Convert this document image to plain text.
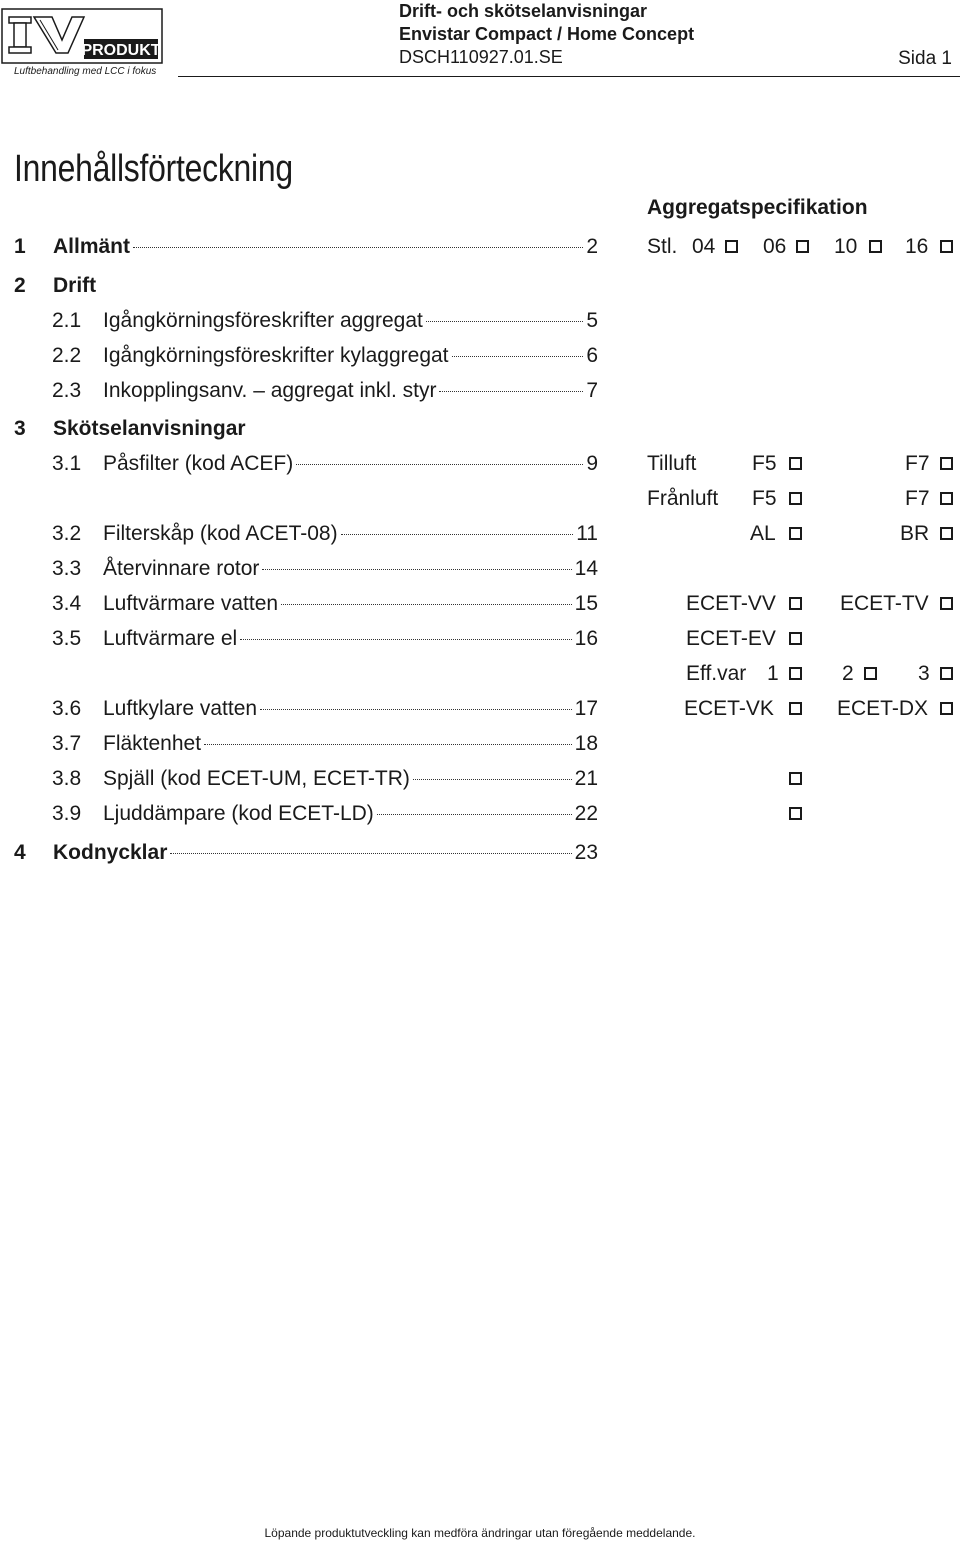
PRODUKT
Luftbehandling med LCC i fokus
Drift- och skötselanvisningar
Envistar Compact / Home Concept
DSCH110927.01.SE	Sida 1
Innehållsförteckning
1	Allmänt	2
2	Drift
2.1	Igångkörningsföreskrifter aggregat	5
2.2	Igångkörningsföreskrifter kylaggregat	6
2.3	Inkopplingsanv. – aggregat inkl. styr	7
3	Skötselanvisningar
3.1	Påsfilter (kod ACEF)	9
3.2	Filterskåp (kod ACET-08)	11
3.3	Återvinnare rotor	14
3.4	Luftvärmare vatten	15
3.5	Luftvärmare el	16
3.6	Luftkylare vatten	17
3.7	Fläktenhet	18
3.8	Spjäll (kod ECET-UM, ECET-TR)	21
3.9	Ljuddämpare (kod ECET-LD)	22
4	Kodnycklar	23
Aggregatspecifikation
Stl. 04 06 10 16
Tilluft	F5	F7
Frånluft F5	F7
AL	BR
ECET-VV	ECET-TV
ECET-EV
Eff.var 1	2	3
ECET-VK	ECET-DX
Löpande produktutveckling kan medföra ändringar utan föregående meddelande.
